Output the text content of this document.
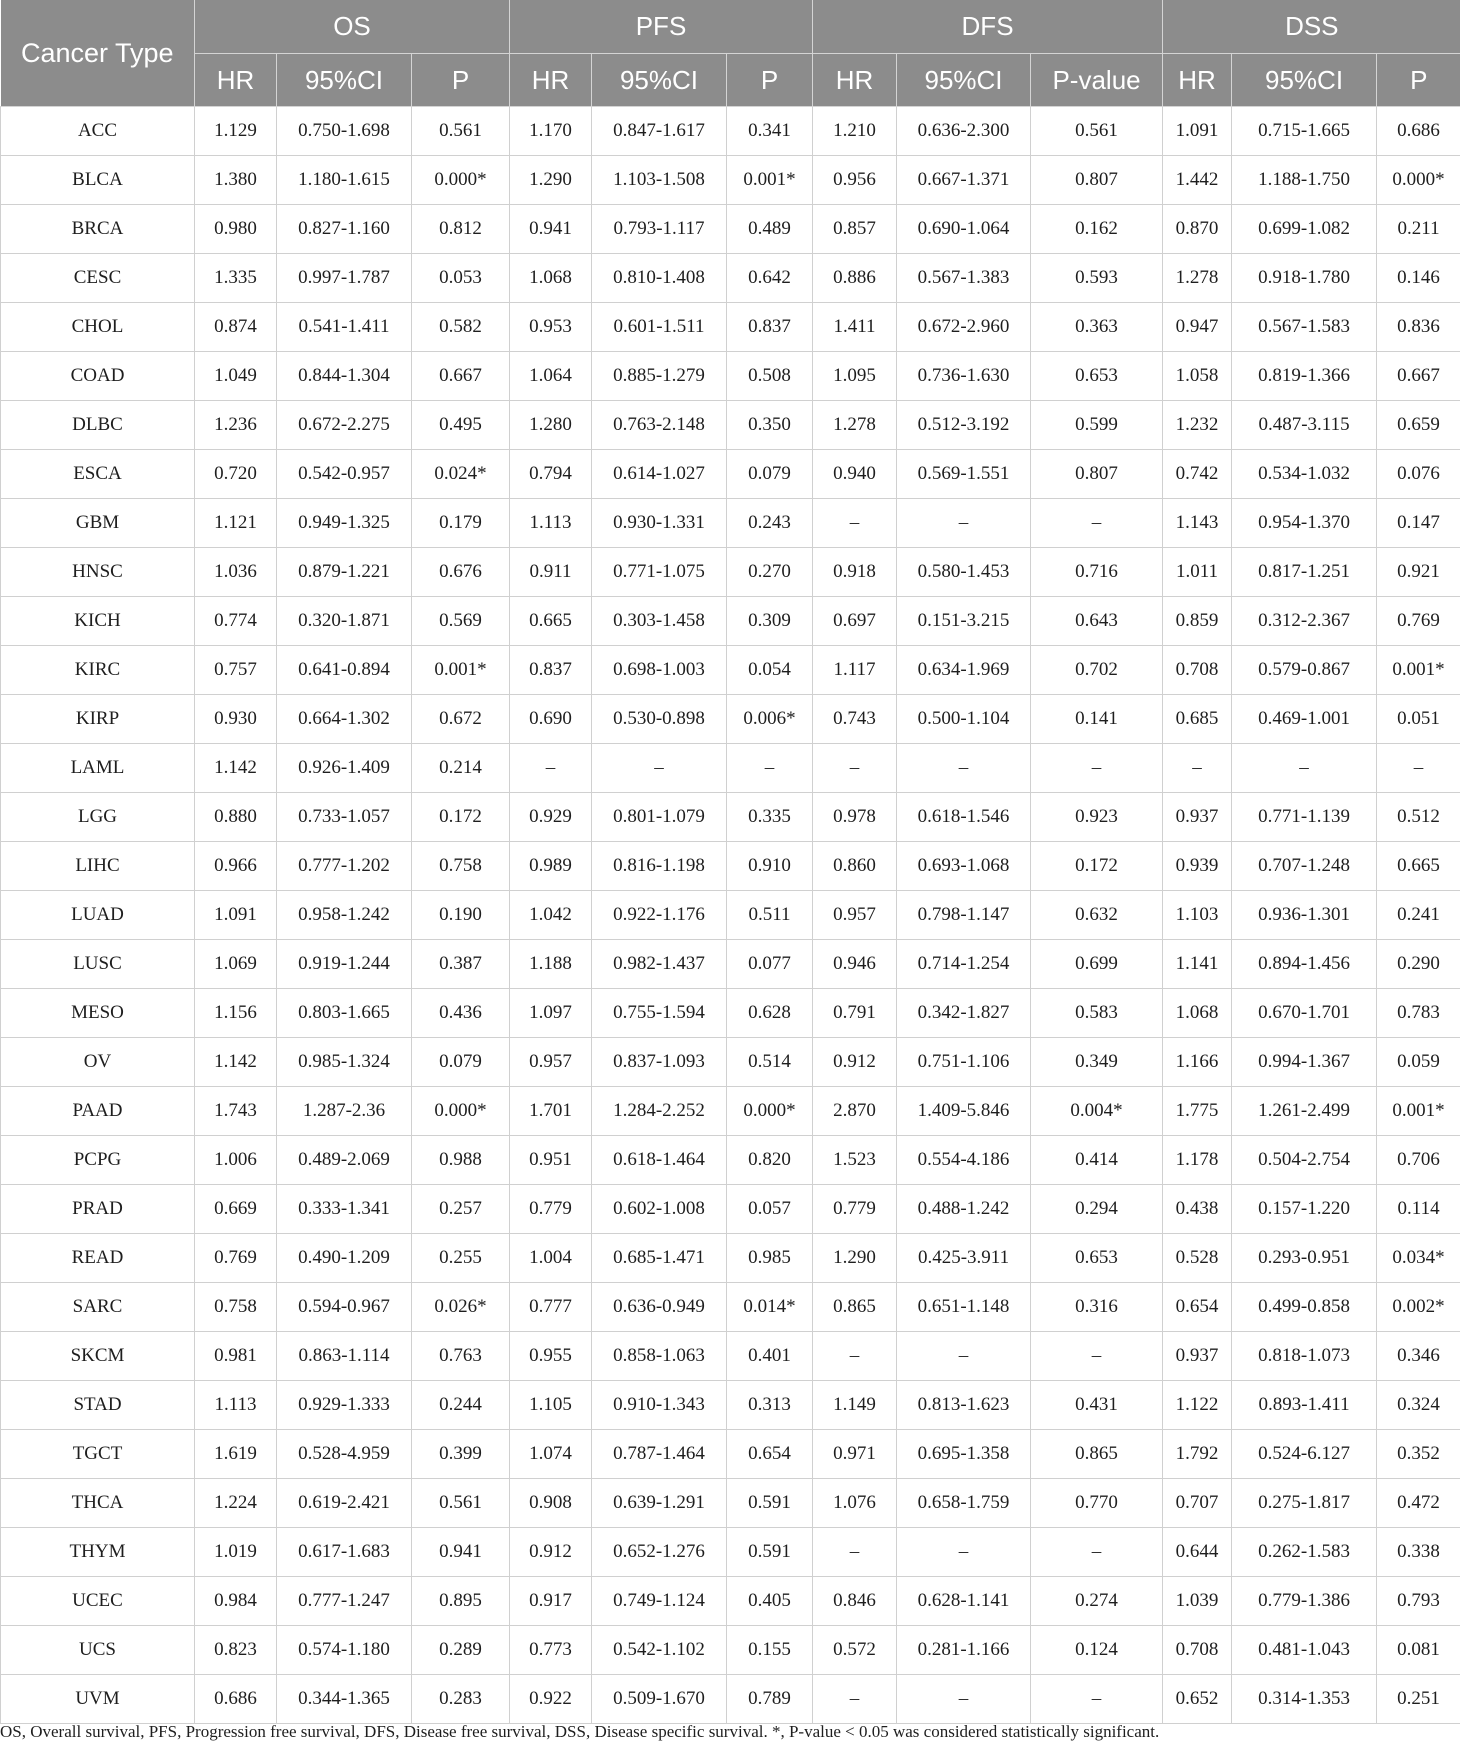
Cancer Type	OS			PFS			DFS			DSS		
	HR	95%CI	P	HR	95%CI	P	HR	95%CI	P-value	HR	95%CI	P
ACC	1.129	0.750-1.698	0.561	1.170	0.847-1.617	0.341	1.210	0.636-2.300	0.561	1.091	0.715-1.665	0.686
BLCA	1.380	1.180-1.615	0.000*	1.290	1.103-1.508	0.001*	0.956	0.667-1.371	0.807	1.442	1.188-1.750	0.000*
BRCA	0.980	0.827-1.160	0.812	0.941	0.793-1.117	0.489	0.857	0.690-1.064	0.162	0.870	0.699-1.082	0.211
CESC	1.335	0.997-1.787	0.053	1.068	0.810-1.408	0.642	0.886	0.567-1.383	0.593	1.278	0.918-1.780	0.146
CHOL	0.874	0.541-1.411	0.582	0.953	0.601-1.511	0.837	1.411	0.672-2.960	0.363	0.947	0.567-1.583	0.836
COAD	1.049	0.844-1.304	0.667	1.064	0.885-1.279	0.508	1.095	0.736-1.630	0.653	1.058	0.819-1.366	0.667
DLBC	1.236	0.672-2.275	0.495	1.280	0.763-2.148	0.350	1.278	0.512-3.192	0.599	1.232	0.487-3.115	0.659
ESCA	0.720	0.542-0.957	0.024*	0.794	0.614-1.027	0.079	0.940	0.569-1.551	0.807	0.742	0.534-1.032	0.076
GBM	1.121	0.949-1.325	0.179	1.113	0.930-1.331	0.243	–	–	–	1.143	0.954-1.370	0.147
HNSC	1.036	0.879-1.221	0.676	0.911	0.771-1.075	0.270	0.918	0.580-1.453	0.716	1.011	0.817-1.251	0.921
KICH	0.774	0.320-1.871	0.569	0.665	0.303-1.458	0.309	0.697	0.151-3.215	0.643	0.859	0.312-2.367	0.769
KIRC	0.757	0.641-0.894	0.001*	0.837	0.698-1.003	0.054	1.117	0.634-1.969	0.702	0.708	0.579-0.867	0.001*
KIRP	0.930	0.664-1.302	0.672	0.690	0.530-0.898	0.006*	0.743	0.500-1.104	0.141	0.685	0.469-1.001	0.051
LAML	1.142	0.926-1.409	0.214	–	–	–	–	–	–	–	–	–
LGG	0.880	0.733-1.057	0.172	0.929	0.801-1.079	0.335	0.978	0.618-1.546	0.923	0.937	0.771-1.139	0.512
LIHC	0.966	0.777-1.202	0.758	0.989	0.816-1.198	0.910	0.860	0.693-1.068	0.172	0.939	0.707-1.248	0.665
LUAD	1.091	0.958-1.242	0.190	1.042	0.922-1.176	0.511	0.957	0.798-1.147	0.632	1.103	0.936-1.301	0.241
LUSC	1.069	0.919-1.244	0.387	1.188	0.982-1.437	0.077	0.946	0.714-1.254	0.699	1.141	0.894-1.456	0.290
MESO	1.156	0.803-1.665	0.436	1.097	0.755-1.594	0.628	0.791	0.342-1.827	0.583	1.068	0.670-1.701	0.783
OV	1.142	0.985-1.324	0.079	0.957	0.837-1.093	0.514	0.912	0.751-1.106	0.349	1.166	0.994-1.367	0.059
PAAD	1.743	1.287-2.36	0.000*	1.701	1.284-2.252	0.000*	2.870	1.409-5.846	0.004*	1.775	1.261-2.499	0.001*
PCPG	1.006	0.489-2.069	0.988	0.951	0.618-1.464	0.820	1.523	0.554-4.186	0.414	1.178	0.504-2.754	0.706
PRAD	0.669	0.333-1.341	0.257	0.779	0.602-1.008	0.057	0.779	0.488-1.242	0.294	0.438	0.157-1.220	0.114
READ	0.769	0.490-1.209	0.255	1.004	0.685-1.471	0.985	1.290	0.425-3.911	0.653	0.528	0.293-0.951	0.034*
SARC	0.758	0.594-0.967	0.026*	0.777	0.636-0.949	0.014*	0.865	0.651-1.148	0.316	0.654	0.499-0.858	0.002*
SKCM	0.981	0.863-1.114	0.763	0.955	0.858-1.063	0.401	–	–	–	0.937	0.818-1.073	0.346
STAD	1.113	0.929-1.333	0.244	1.105	0.910-1.343	0.313	1.149	0.813-1.623	0.431	1.122	0.893-1.411	0.324
TGCT	1.619	0.528-4.959	0.399	1.074	0.787-1.464	0.654	0.971	0.695-1.358	0.865	1.792	0.524-6.127	0.352
THCA	1.224	0.619-2.421	0.561	0.908	0.639-1.291	0.591	1.076	0.658-1.759	0.770	0.707	0.275-1.817	0.472
THYM	1.019	0.617-1.683	0.941	0.912	0.652-1.276	0.591	–	–	–	0.644	0.262-1.583	0.338
UCEC	0.984	0.777-1.247	0.895	0.917	0.749-1.124	0.405	0.846	0.628-1.141	0.274	1.039	0.779-1.386	0.793
UCS	0.823	0.574-1.180	0.289	0.773	0.542-1.102	0.155	0.572	0.281-1.166	0.124	0.708	0.481-1.043	0.081
UVM	0.686	0.344-1.365	0.283	0.922	0.509-1.670	0.789	–	–	–	0.652	0.314-1.353	0.251
OS, Overall survival, PFS, Progression free survival, DFS, Disease free survival, DSS, Disease specific survival. *, P-value < 0.05 was considered statistically significant.
